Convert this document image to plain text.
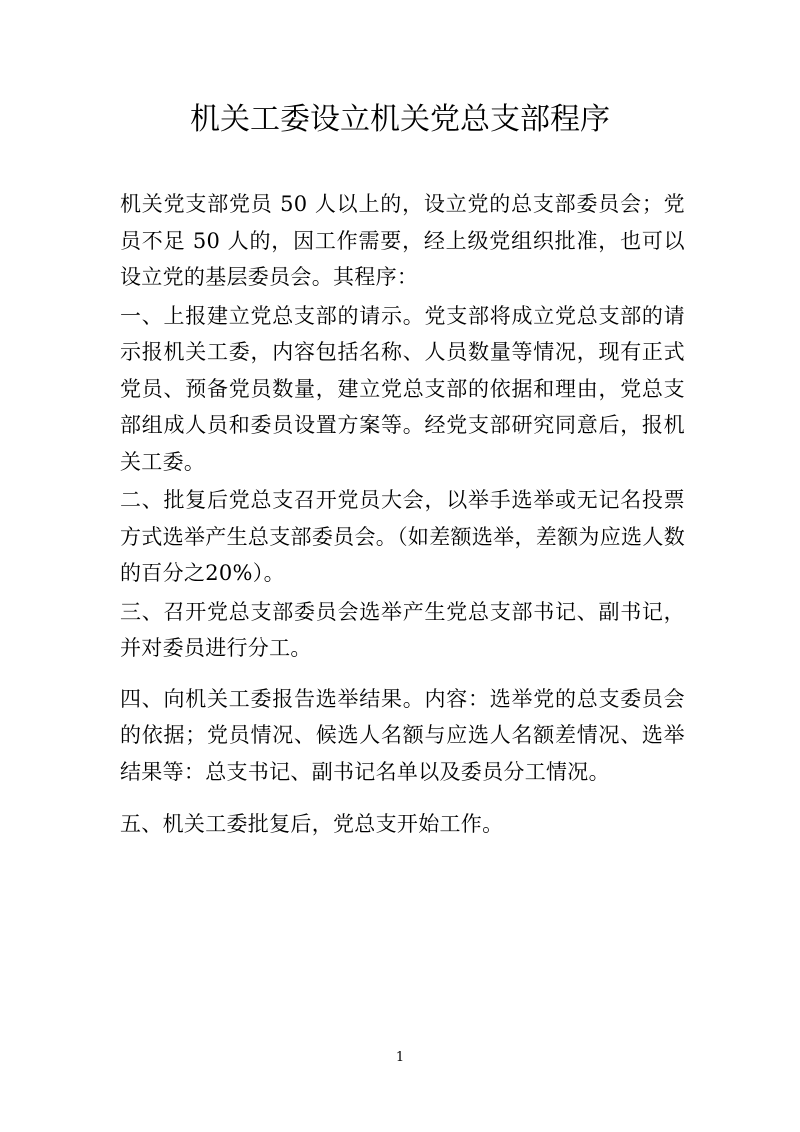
机关工委设立机关党总支部程序

机关党支部党员 50 人以上的，设立党的总支部委员会；党员不足 50 人的，因工作需要，经上级党组织批准，也可以设立党的基层委员会。其程序：

一、上报建立党总支部的请示。党支部将成立党总支部的请示报机关工委，内容包括名称、人员数量等情况，现有正式党员、预备党员数量，建立党总支部的依据和理由，党总支部组成人员和委员设置方案等。经党支部研究同意后，报机关工委。

二、批复后党总支召开党员大会，以举手选举或无记名投票方式选举产生总支部委员会。（如差额选举，差额为应选人数的百分之20%）。

三、召开党总支部委员会选举产生党总支部书记、副书记， 并对委员进行分工。

四、向机关工委报告选举结果。内容：选举党的总支委员会的依据；党员情况、候选人名额与应选人名额差情况、选举结果等：总支书记、副书记名单以及委员分工情况。

五、机关工委批复后，党总支开始工作。

1
